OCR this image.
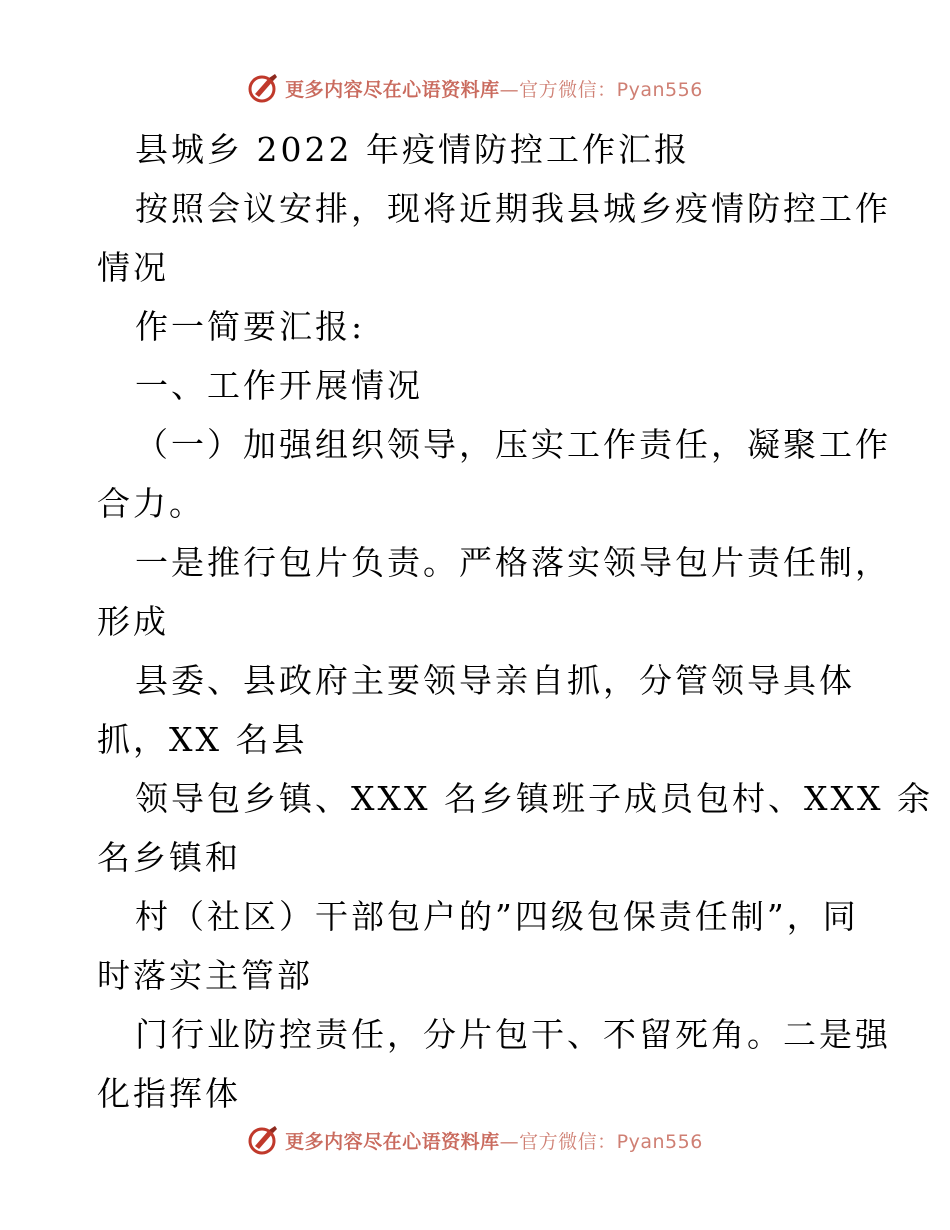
更多内容尽在心语资料库—官方微信：Pyan556
县城乡 2022 年疫情防控工作汇报
按照会议安排，现将近期我县城乡疫情防控工作
情况
作一简要汇报:
一、工作开展情况
（一）加强组织领导，压实工作责任，凝聚工作
合力。
一是推行包片负责。严格落实领导包片责任制，
形成
县委、县政府主要领导亲自抓，分管领导具体
抓，XX 名县
领导包乡镇、XXX 名乡镇班子成员包村、XXX 余
名乡镇和
村（社区）干部包户的”四级包保责任制”，同
时落实主管部
门行业防控责任，分片包干、不留死角。二是强
化指挥体
更多内容尽在心语资料库—官方微信：Pyan556
